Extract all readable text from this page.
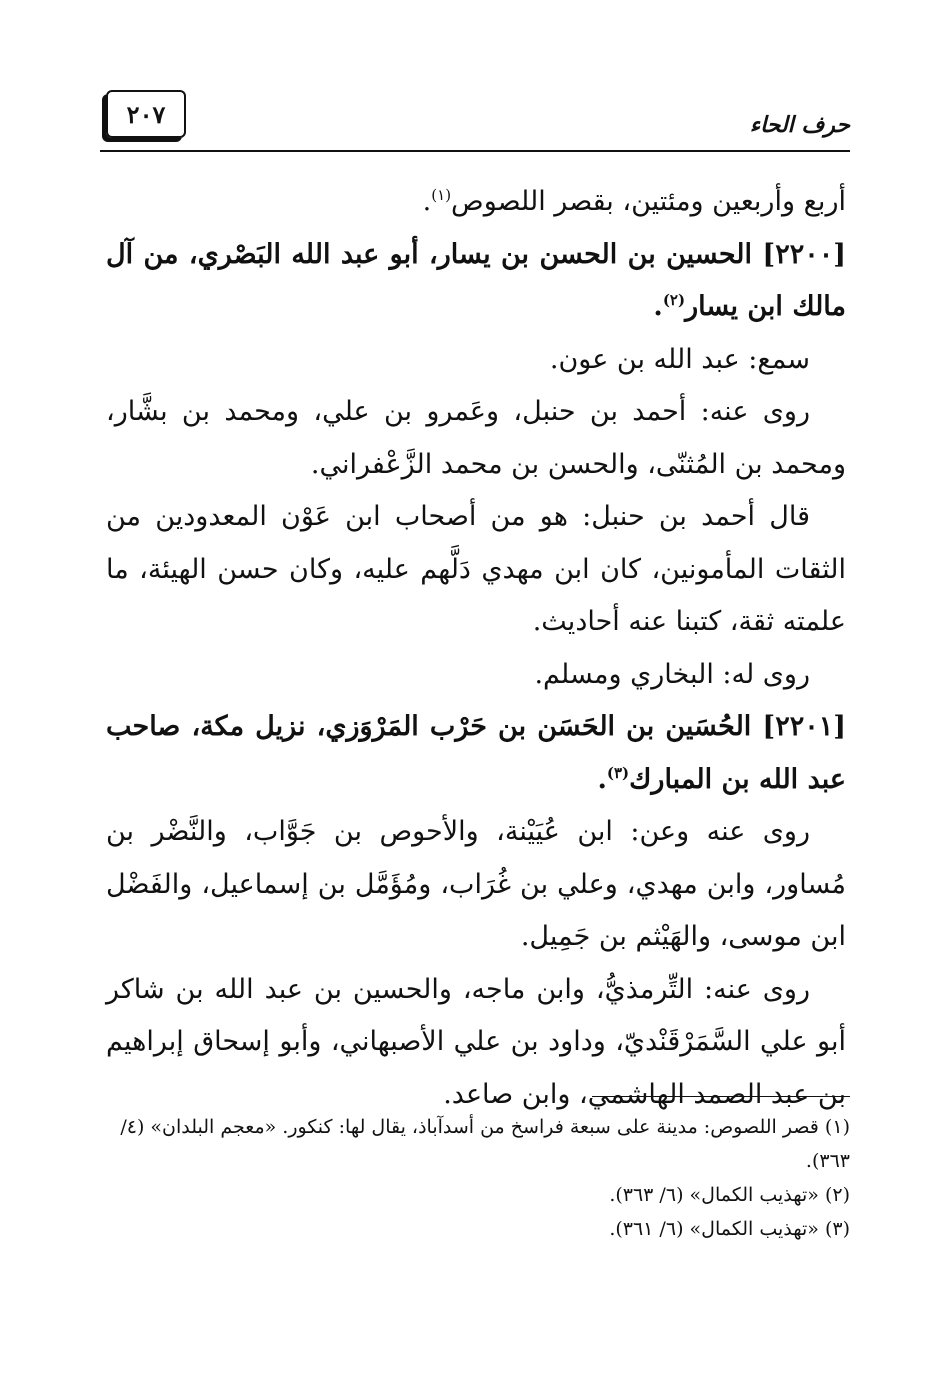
حرف الحاء
٢٠٧

أربع وأربعين ومئتين، بقصر اللصوص$^{(١)}$.

[٢٢٠٠] الحسين بن الحسن بن يسار، أبو عبد الله البَصْري، من آل مالك ابن يسار$^{(٢)}$.

سمع: عبد الله بن عون.

روى عنه: أحمد بن حنبل، وعَمرو بن علي، ومحمد بن بشَّار، ومحمد بن المُثنّى، والحسن بن محمد الزَّعْفراني.

قال أحمد بن حنبل: هو من أصحاب ابن عَوْن المعدودين من الثقات المأمونين، كان ابن مهدي دَلَّهم عليه، وكان حسن الهيئة، ما علمته ثقة، كتبنا عنه أحاديث.

روى له: البخاري ومسلم.

[٢٢٠١] الحُسَين بن الحَسَن بن حَرْب المَرْوَزي، نزيل مكة، صاحب عبد الله بن المبارك$^{(٣)}$.

روى عنه وعن: ابن عُيَيْنة، والأحوص بن جَوَّاب، والنَّضْر بن مُساور، وابن مهدي، وعلي بن غُرَاب، ومُؤَمَّل بن إسماعيل، والفَضْل ابن موسى، والهَيْثم بن جَمِيل.

روى عنه: التِّرمذيُّ، وابن ماجه، والحسين بن عبد الله بن شاكر أبو علي السَّمَرْقَنْديّ، وداود بن علي الأصبهاني، وأبو إسحاق إبراهيم بن عبد الصمد الهاشمي، وابن صاعد.

(١) قصر اللصوص: مدينة على سبعة فراسخ من أسدآباذ، يقال لها: كنكور. «معجم البلدان» (٤/ ٣٦٣).

(٢) «تهذيب الكمال» (٦/ ٣٦٣).

(٣) «تهذيب الكمال» (٦/ ٣٦١).
